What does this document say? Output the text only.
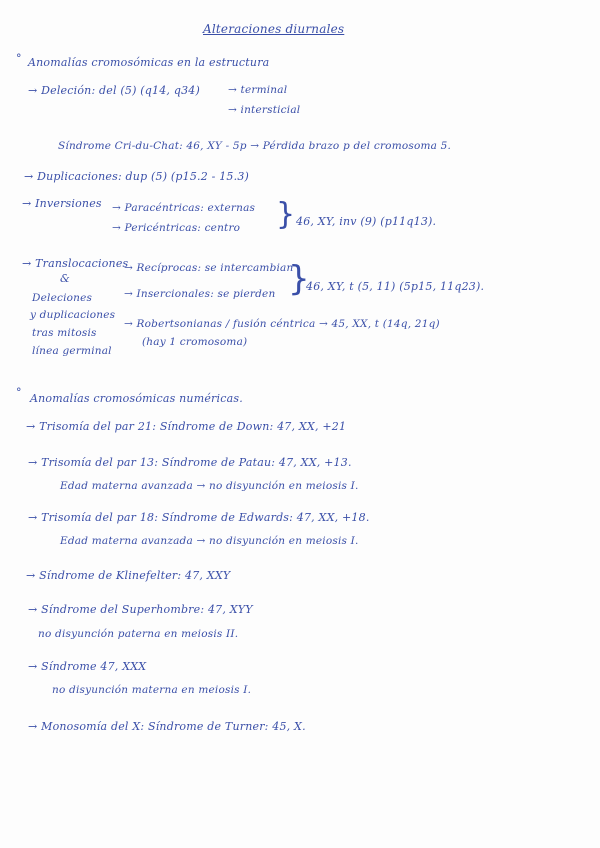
Alteraciones diurnales
° Anomalías cromosómicas en la estructura
→ Deleción: del (5) (q14, q34)	→ terminal
→ intersticial
Síndrome Cri-du-Chat: 46, XY - 5p → Pérdida brazo p del cromosoma 5.
→ Duplicaciones: dup (5) (p15.2 - 15.3)
→ Inversiones → Paracéntricas: externas
→ Pericéntricas: centro } 46, XY, inv (9) (p11q13).
→ Translocaciones
&
Deleciones
y duplicaciones
tras mitosis
línea germinal
→ Recíprocas: se intercambian
→ Insercionales: se pierden }
46, XY, t (5, 11) (5p15, 11q23).
→ Robertsonianas / fusión céntrica → 45, XX, t (14q, 21q)
(hay 1 cromosoma)
° Anomalías cromosómicas numéricas.
→ Trisomía del par 21: Síndrome de Down: 47, XX, +21
→ Trisomía del par 13: Síndrome de Patau: 47, XX, +13.
Edad materna avanzada → no disyunción en meiosis I.
→ Trisomía del par 18: Síndrome de Edwards: 47, XX, +18.
Edad materna avanzada → no disyunción en meiosis I.
→ Síndrome de Klinefelter: 47, XXY
→ Síndrome del Superhombre: 47, XYY
no disyunción paterna en meiosis II.
→ Síndrome 47, XXX
no disyunción materna en meiosis I.
→ Monosomía del X: Síndrome de Turner: 45, X.
